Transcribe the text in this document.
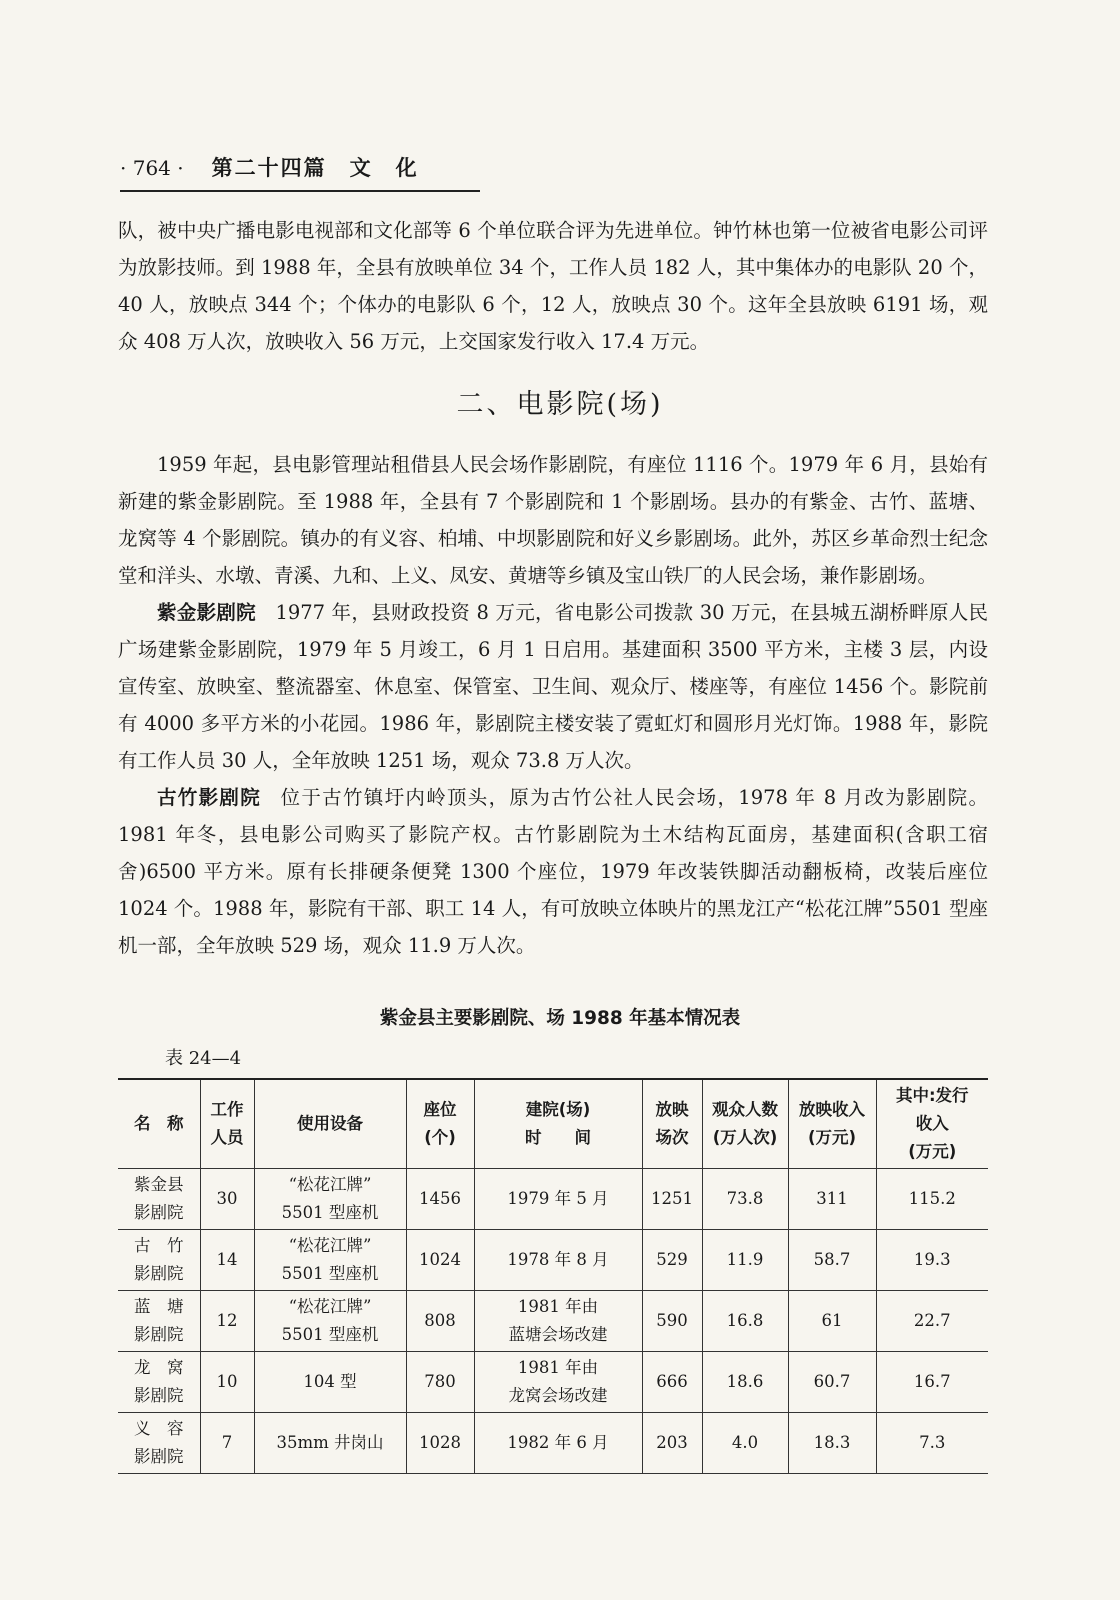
· 764 · 第二十四篇　文　化

队，被中央广播电影电视部和文化部等 6 个单位联合评为先进单位。钟竹林也第一位被省电影公司评为放影技师。到 1988 年，全县有放映单位 34 个，工作人员 182 人，其中集体办的电影队 20 个，40 人，放映点 344 个；个体办的电影队 6 个，12 人，放映点 30 个。这年全县放映 6191 场，观众 408 万人次，放映收入 56 万元，上交国家发行收入 17.4 万元。

二、电影院(场)

1959 年起，县电影管理站租借县人民会场作影剧院，有座位 1116 个。1979 年 6 月，县始有新建的紫金影剧院。至 1988 年，全县有 7 个影剧院和 1 个影剧场。县办的有紫金、古竹、蓝塘、龙窝等 4 个影剧院。镇办的有义容、柏埔、中坝影剧院和好义乡影剧场。此外，苏区乡革命烈士纪念堂和洋头、水墩、青溪、九和、上义、凤安、黄塘等乡镇及宝山铁厂的人民会场，兼作影剧场。

紫金影剧院 1977 年，县财政投资 8 万元，省电影公司拨款 30 万元，在县城五湖桥畔原人民广场建紫金影剧院，1979 年 5 月竣工，6 月 1 日启用。基建面积 3500 平方米，主楼 3 层，内设宣传室、放映室、整流器室、休息室、保管室、卫生间、观众厅、楼座等，有座位 1456 个。影院前有 4000 多平方米的小花园。1986 年，影剧院主楼安装了霓虹灯和圆形月光灯饰。1988 年，影院有工作人员 30 人，全年放映 1251 场，观众 73.8 万人次。

古竹影剧院 位于古竹镇圩内岭顶头，原为古竹公社人民会场，1978 年 8 月改为影剧院。1981 年冬，县电影公司购买了影院产权。古竹影剧院为土木结构瓦面房，基建面积(含职工宿舍)6500 平方米。原有长排硬条便凳 1300 个座位，1979 年改装铁脚活动翻板椅，改装后座位 1024 个。1988 年，影院有干部、职工 14 人，有可放映立体映片的黑龙江产“松花江牌”5501 型座机一部，全年放映 529 场，观众 11.9 万人次。

紫金县主要影剧院、场 1988 年基本情况表
表 24—4
名　称	工作
人员	使用设备	座位
(个)	建院(场)
时　　间	放映
场次	观众人数
(万人次)	放映收入
(万元)	其中:发行
收入
(万元)

紫金县
影剧院	30	“松花江牌”
5501 型座机	1456	1979 年 5 月	1251	73.8	311	115.2

古　竹
影剧院	14	“松花江牌”
5501 型座机	1024	1978 年 8 月	529	11.9	58.7	19.3

蓝　塘
影剧院	12	“松花江牌”
5501 型座机	808	1981 年由
蓝塘会场改建	590	16.8	61	22.7

龙　窝
影剧院	10	104 型	780	1981 年由
龙窝会场改建	666	18.6	60.7	16.7

义　容
影剧院	7	35mm 井岗山	1028	1982 年 6 月	203	4.0	18.3	7.3
